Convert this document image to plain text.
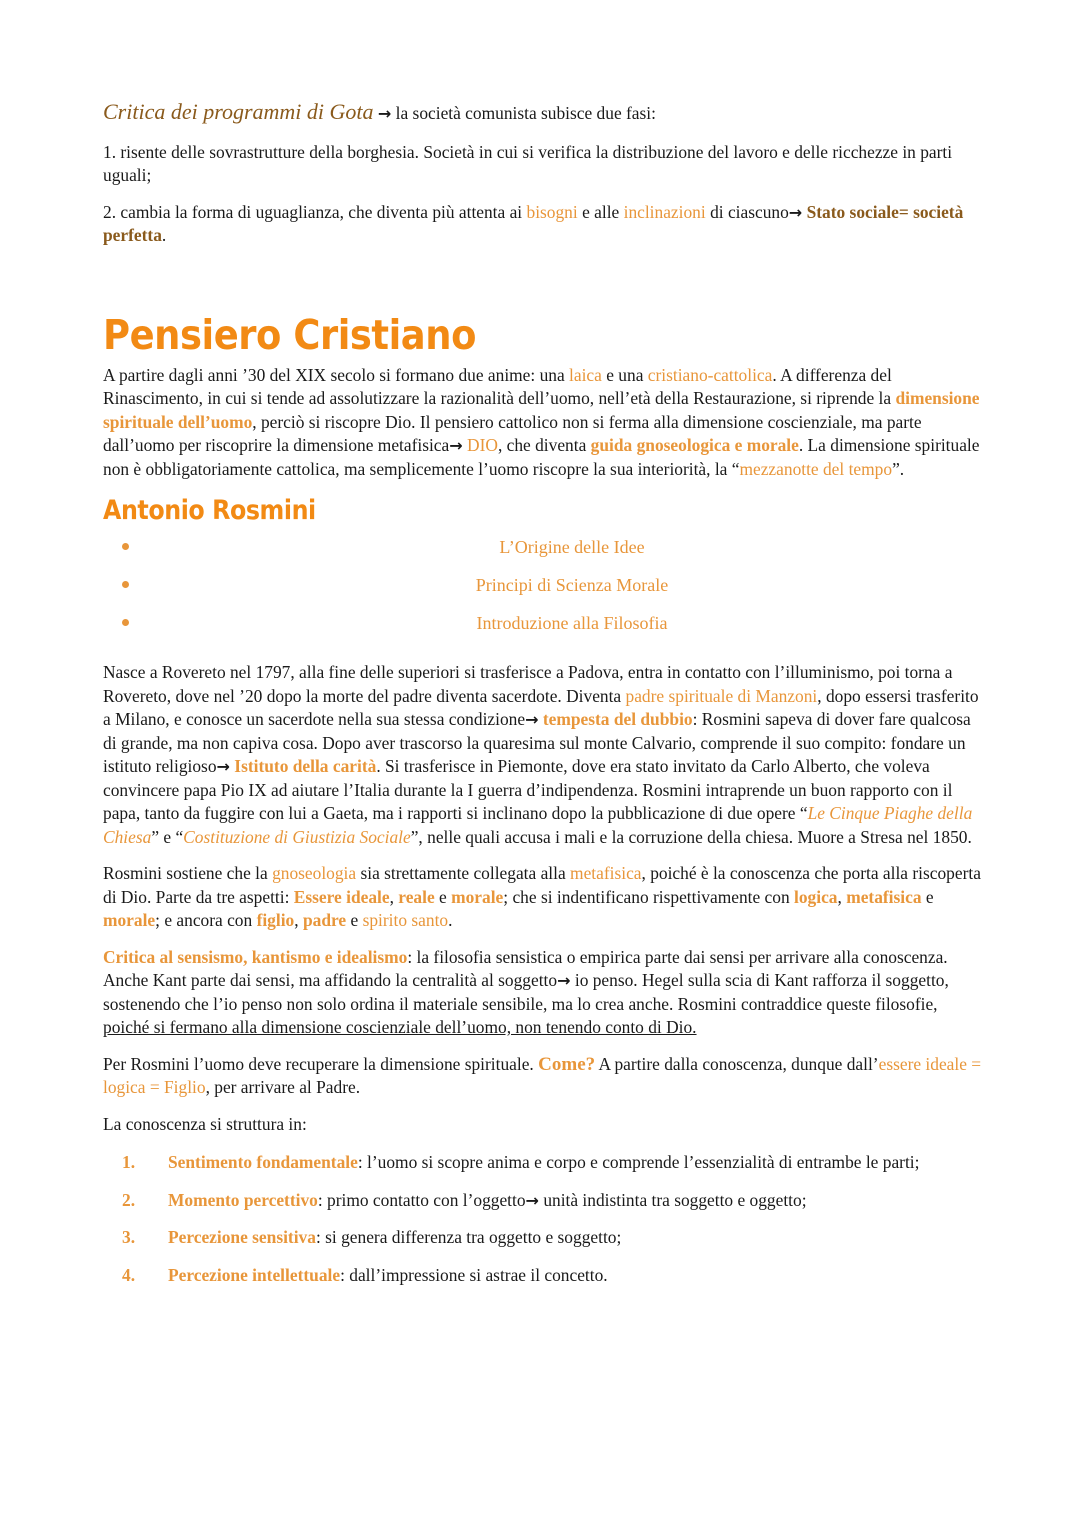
Critica dei programmi di Gota → la società comunista subisce due fasi:

1. risente delle sovrastrutture della borghesia. Società in cui si verifica la distribuzione del lavoro e delle ricchezze in parti uguali;

2. cambia la forma di uguaglianza, che diventa più attenta ai bisogni e alle inclinazioni di ciascuno→ Stato sociale= società perfetta.

Pensiero Cristiano

A partire dagli anni ’30 del XIX secolo si formano due anime: una laica e una cristiano-cattolica. A differenza del Rinascimento, in cui si tende ad assolutizzare la razionalità dell’uomo, nell’età della Restaurazione, si riprende la dimensione spirituale dell’uomo, perciò si riscopre Dio. Il pensiero cattolico non si ferma alla dimensione coscienziale, ma parte dall’uomo per riscoprire la dimensione metafisica→ DIO, che diventa guida gnoseologica e morale. La dimensione spirituale non è obbligatoriamente cattolica, ma semplicemente l’uomo riscopre la sua interiorità, la “mezzanotte del tempo”.

Antonio Rosmini
L’Origine delle Idee
Principi di Scienza Morale
Introduzione alla Filosofia

Nasce a Rovereto nel 1797, alla fine delle superiori si trasferisce a Padova, entra in contatto con l’illuminismo, poi torna a Rovereto, dove nel ’20 dopo la morte del padre diventa sacerdote. Diventa padre spirituale di Manzoni, dopo essersi trasferito a Milano, e conosce un sacerdote nella sua stessa condizione→ tempesta del dubbio: Rosmini sapeva di dover fare qualcosa di grande, ma non capiva cosa. Dopo aver trascorso la quaresima sul monte Calvario, comprende il suo compito: fondare un istituto religioso→ Istituto della carità. Si trasferisce in Piemonte, dove era stato invitato da Carlo Alberto, che voleva convincere papa Pio IX ad aiutare l’Italia durante la I guerra d’indipendenza. Rosmini intraprende un buon rapporto con il papa, tanto da fuggire con lui a Gaeta, ma i rapporti si inclinano dopo la pubblicazione di due opere “Le Cinque Piaghe della Chiesa” e “Costituzione di Giustizia Sociale”, nelle quali accusa i mali e la corruzione della chiesa. Muore a Stresa nel 1850.

Rosmini sostiene che la gnoseologia sia strettamente collegata alla metafisica, poiché è la conoscenza che porta alla riscoperta di Dio. Parte da tre aspetti: Essere ideale, reale e morale; che si indentificano rispettivamente con logica, metafisica e morale; e ancora con figlio, padre e spirito santo.

Critica al sensismo, kantismo e idealismo: la filosofia sensistica o empirica parte dai sensi per arrivare alla conoscenza. Anche Kant parte dai sensi, ma affidando la centralità al soggetto→ io penso. Hegel sulla scia di Kant rafforza il soggetto, sostenendo che l’io penso non solo ordina il materiale sensibile, ma lo crea anche. Rosmini contraddice queste filosofie, poiché si fermano alla dimensione coscienziale dell’uomo, non tenendo conto di Dio.

Per Rosmini l’uomo deve recuperare la dimensione spirituale. Come? A partire dalla conoscenza, dunque dall’essere ideale = logica = Figlio, per arrivare al Padre.

La conoscenza si struttura in:

1. Sentimento fondamentale: l’uomo si scopre anima e corpo e comprende l’essenzialità di entrambe le parti;
2. Momento percettivo: primo contatto con l’oggetto→ unità indistinta tra soggetto e oggetto;
3. Percezione sensitiva: si genera differenza tra oggetto e soggetto;
4. Percezione intellettuale: dall’impressione si astrae il concetto.
